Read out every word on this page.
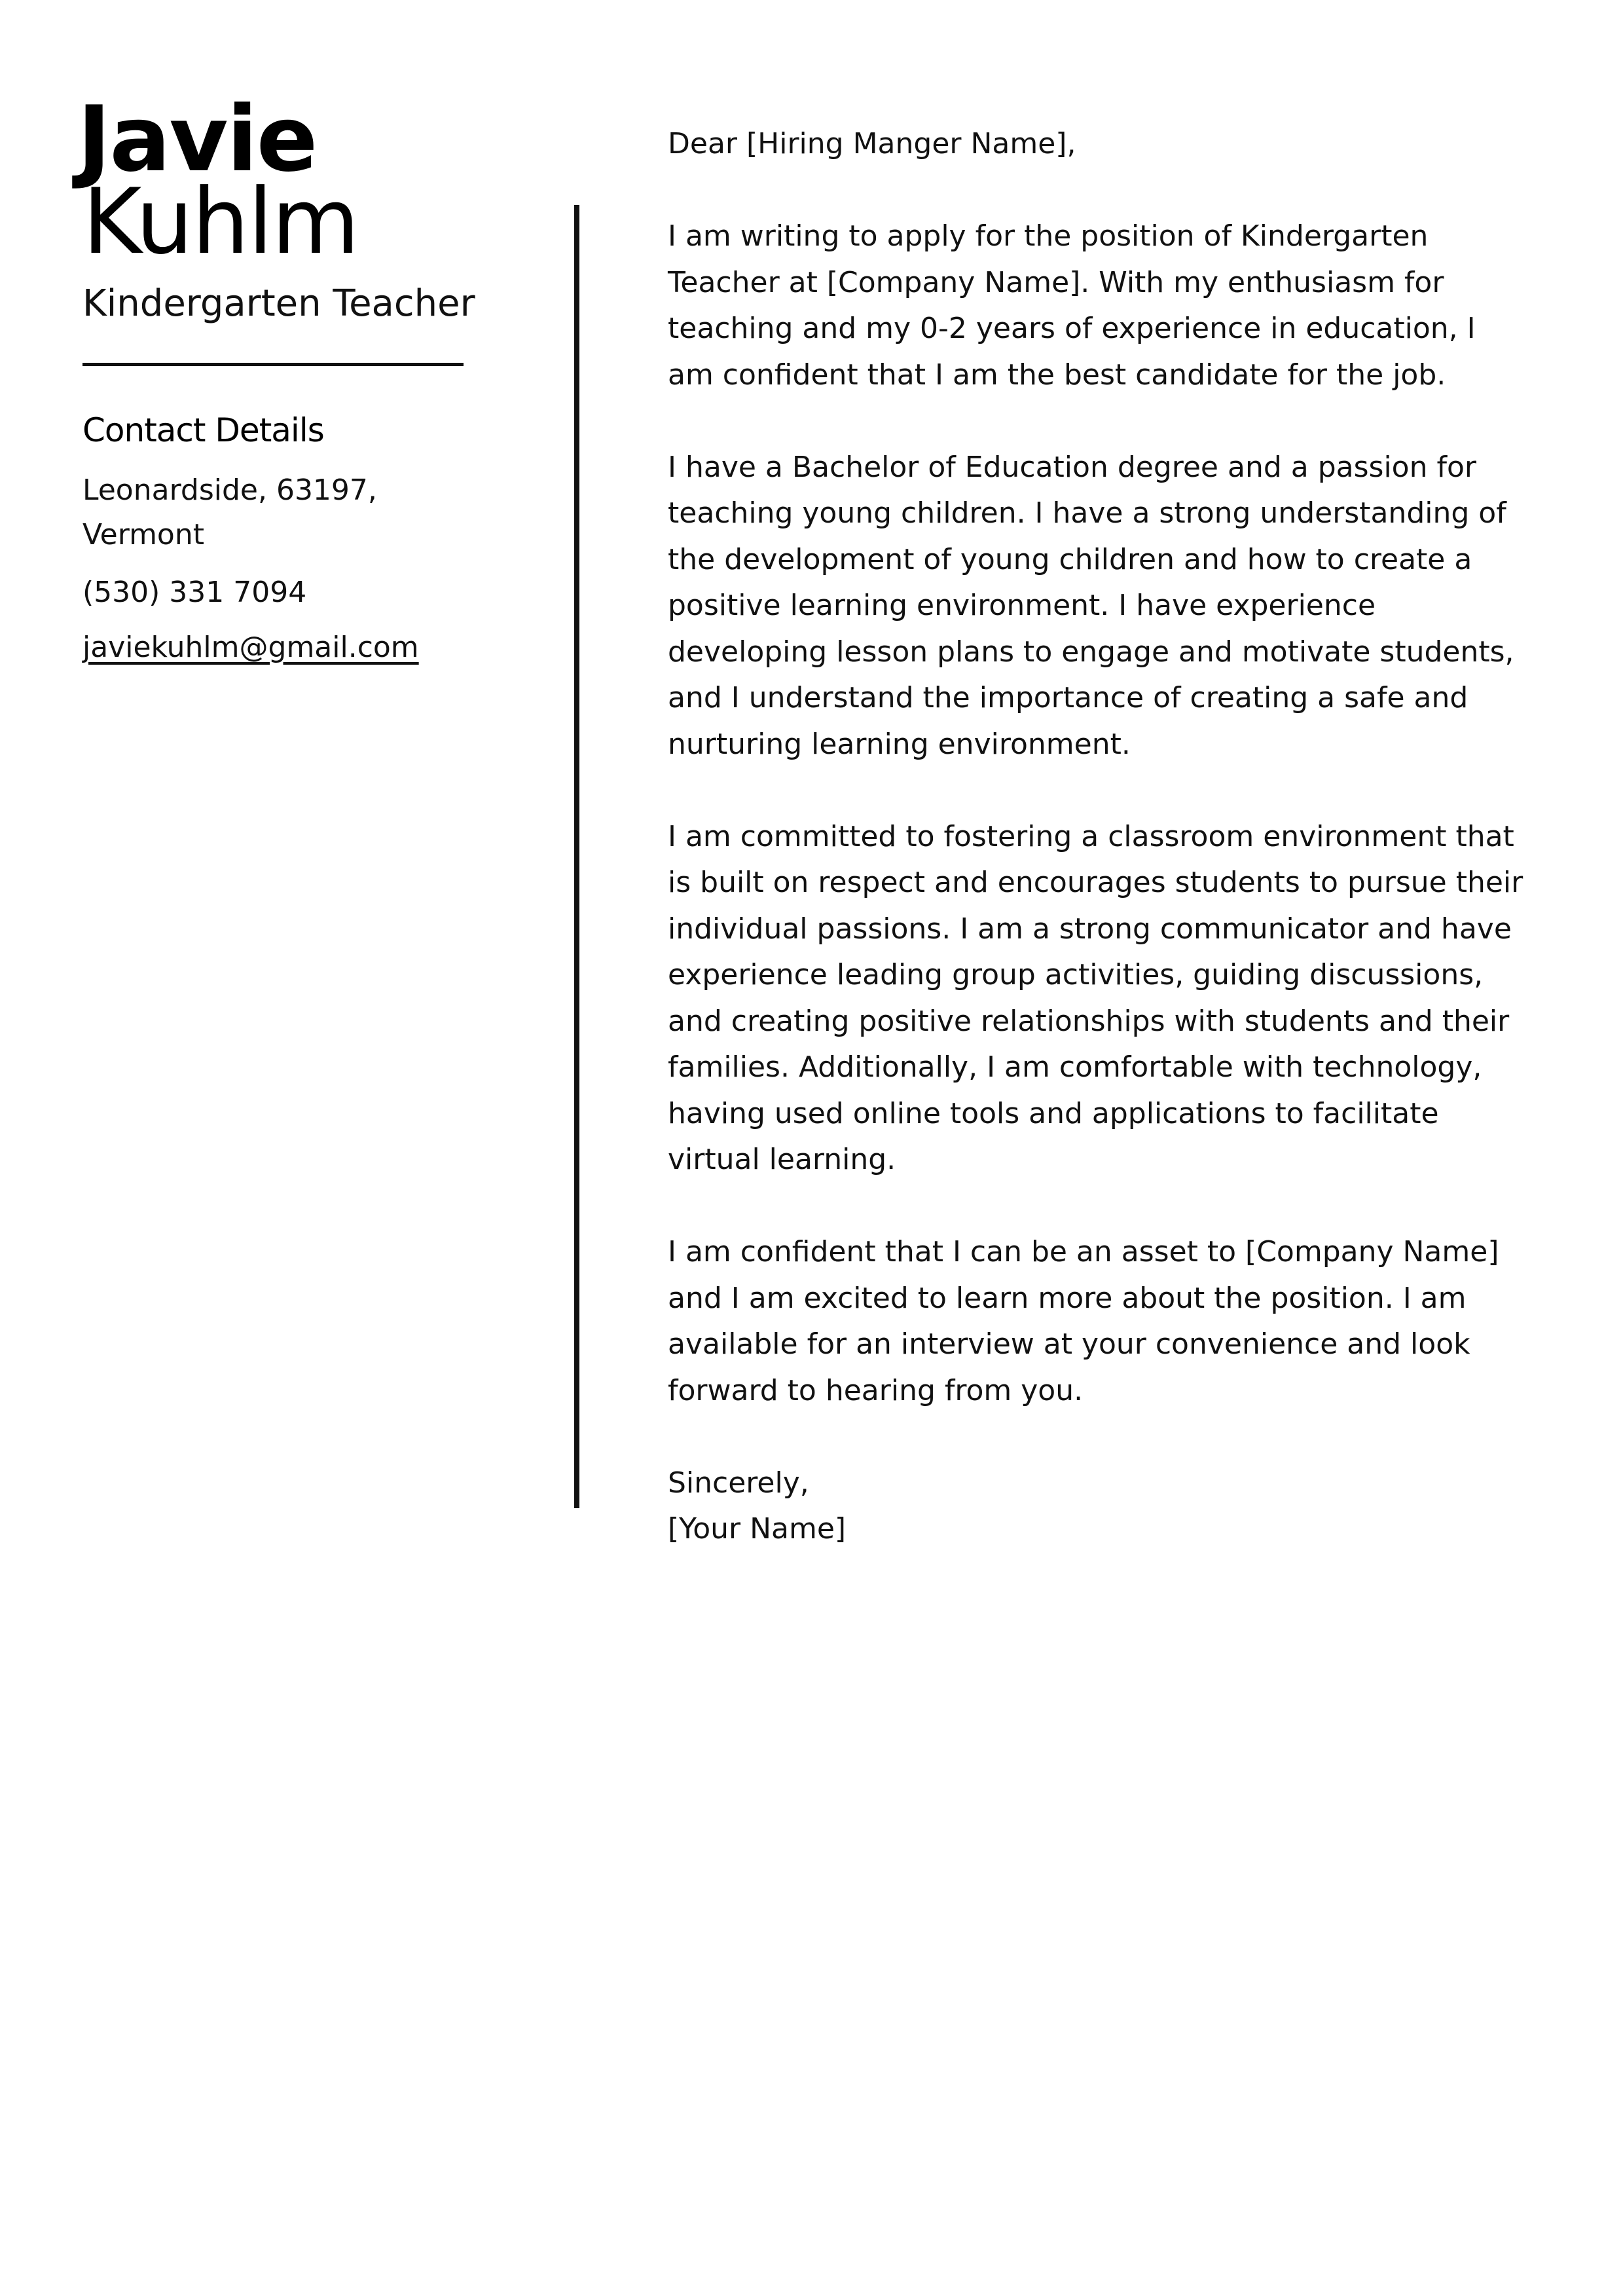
Javie
Kuhlm
Kindergarten Teacher
Contact Details
Leonardside, 63197, Vermont
(530) 331 7094
javiekuhlm@gmail.com

Dear [Hiring Manger Name],

I am writing to apply for the position of Kindergarten Teacher at [Company Name]. With my enthusiasm for teaching and my 0-2 years of experience in education, I am confident that I am the best candidate for the job.

I have a Bachelor of Education degree and a passion for teaching young children. I have a strong understanding of the development of young children and how to create a positive learning environment. I have experience developing lesson plans to engage and motivate students, and I understand the importance of creating a safe and nurturing learning environment.

I am committed to fostering a classroom environment that is built on respect and encourages students to pursue their individual passions. I am a strong communicator and have experience leading group activities, guiding discussions, and creating positive relationships with students and their families. Additionally, I am comfortable with technology, having used online tools and applications to facilitate virtual learning.

I am confident that I can be an asset to [Company Name] and I am excited to learn more about the position. I am available for an interview at your convenience and look forward to hearing from you.

Sincerely,

[Your Name]
